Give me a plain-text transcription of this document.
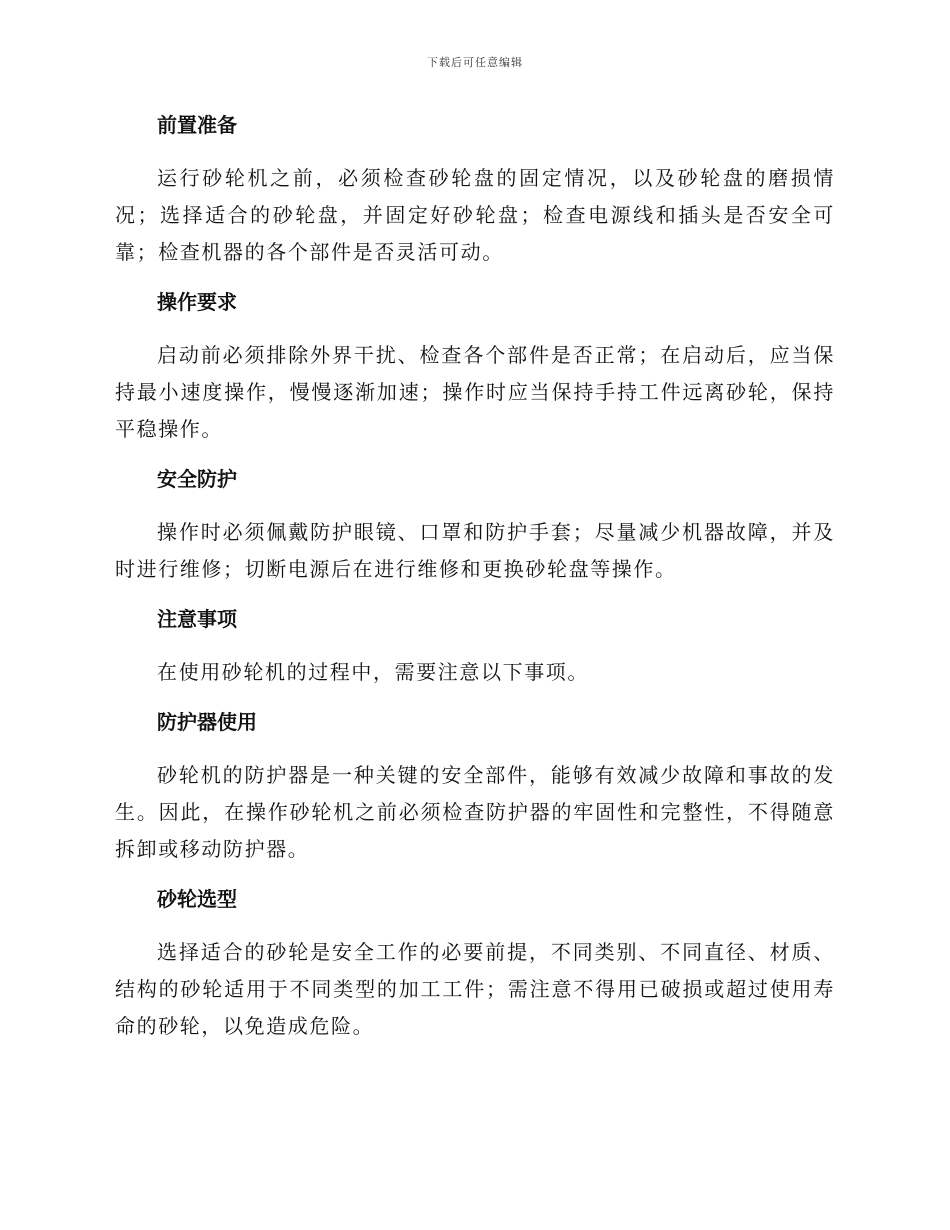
下载后可任意编辑
前置准备

运行砂轮机之前，必须检查砂轮盘的固定情况，以及砂轮盘的磨损情况；选择适合的砂轮盘，并固定好砂轮盘；检查电源线和插头是否安全可靠；检查机器的各个部件是否灵活可动。

操作要求

启动前必须排除外界干扰、检查各个部件是否正常；在启动后，应当保持最小速度操作，慢慢逐渐加速；操作时应当保持手持工件远离砂轮，保持平稳操作。

安全防护

操作时必须佩戴防护眼镜、口罩和防护手套；尽量减少机器故障，并及时进行维修；切断电源后在进行维修和更换砂轮盘等操作。

注意事项

在使用砂轮机的过程中，需要注意以下事项。

防护器使用

砂轮机的防护器是一种关键的安全部件，能够有效减少故障和事故的发生。因此，在操作砂轮机之前必须检查防护器的牢固性和完整性，不得随意拆卸或移动防护器。

砂轮选型

选择适合的砂轮是安全工作的必要前提，不同类别、不同直径、材质、结构的砂轮适用于不同类型的加工工件；需注意不得用已破损或超过使用寿命的砂轮，以免造成危险。
